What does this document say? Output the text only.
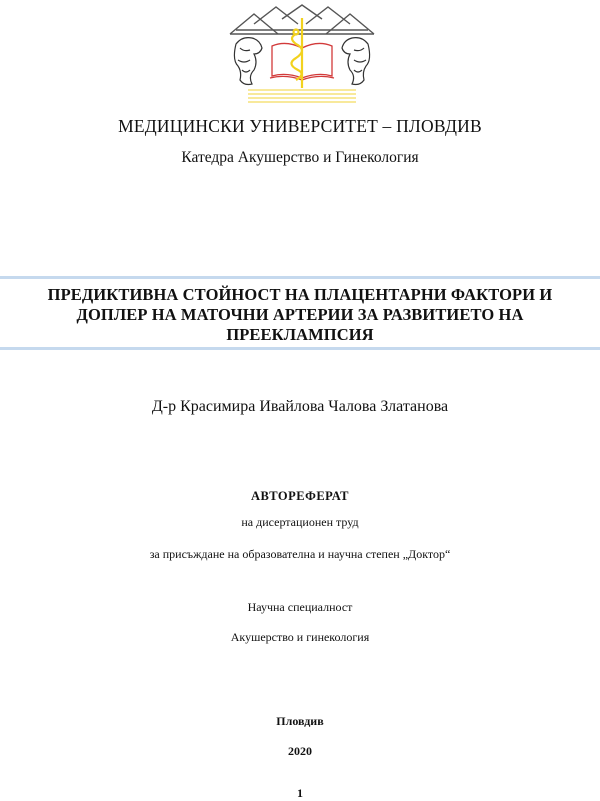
МЕДИЦИНСКИ УНИВЕРСИТЕТ – ПЛОВДИВ
Катедра Акушерство и Гинекология
ПРЕДИКТИВНА СТОЙНОСТ НА ПЛАЦЕНТАРНИ ФАКТОРИ И
ДОПЛЕР НА МАТОЧНИ АРТЕРИИ ЗА РАЗВИТИЕТО НА
ПРЕЕКЛАМПСИЯ
Д-р Красимира Ивайлова Чалова Златанова
АВТОРЕФЕРАТ
на дисертационен труд
за присъждане на образователна и научна степен „Доктор“
Научна специалност
Акушерство и гинекология
Пловдив
2020
1
